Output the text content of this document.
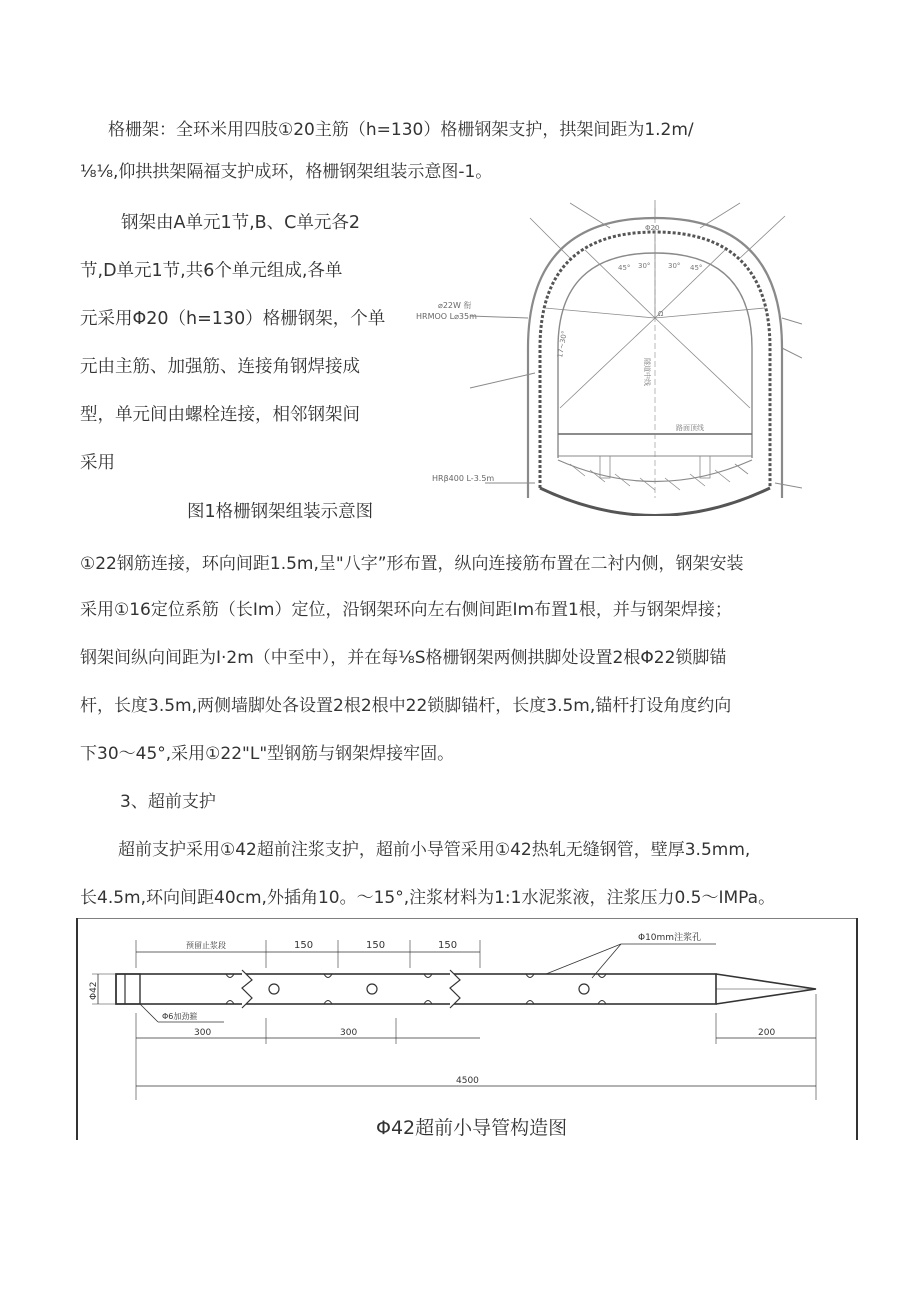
格栅架：全环米用四肢①20主筋（h=130）格栅钢架支护，拱架间距为1.2m/
⅛⅛,仰拱拱架隔福支护成环，格栅钢架组装示意图-1。
钢架由A单元1节,B、C单元各2
节,D单元1节,共6个单元组成,各单
元采用Φ20（h=130）格栅钢架，个单
元由主筋、加强筋、连接角钢焊接成
型，单元间由螺栓连接，相邻钢架间
采用
图1格栅钢架组装示意图
⌀22W 衔
HRMOO L⌀35m
HRβ400 L-3.5m
Φ20
45° 30°	30° 45°
Ω
17~30°
隧道中线
路面顶线
①22钢筋连接，环向间距1.5m,呈"八字”形布置，纵向连接筋布置在二衬内侧，钢架安装
采用①16定位系筋（长Im）定位，沿钢架环向左右侧间距Im布置1根，并与钢架焊接；
钢架间纵向间距为I·2m（中至中），并在每⅛S格栅钢架两侧拱脚处设置2根Φ22锁脚锚
杆，长度3.5m,两侧墙脚处各设置2根2根中22锁脚锚杆，长度3.5m,锚杆打设角度约向
下30〜45°,采用①22"L"型钢筋与钢架焊接牢固。
3、超前支护
超前支护采用①42超前注浆支护，超前小导管采用①42热轧无缝钢管，壁厚3.5mm,
长4.5m,环向间距40cm,外插角10。〜15°,注浆材料为1:1水泥浆液，注浆压力0.5〜IMPa。
预留止浆段	150	150	150
Φ10mm注浆孔
Φ42
Φ6加劲箍
300	300	200
4500
Φ42超前小导管构造图
